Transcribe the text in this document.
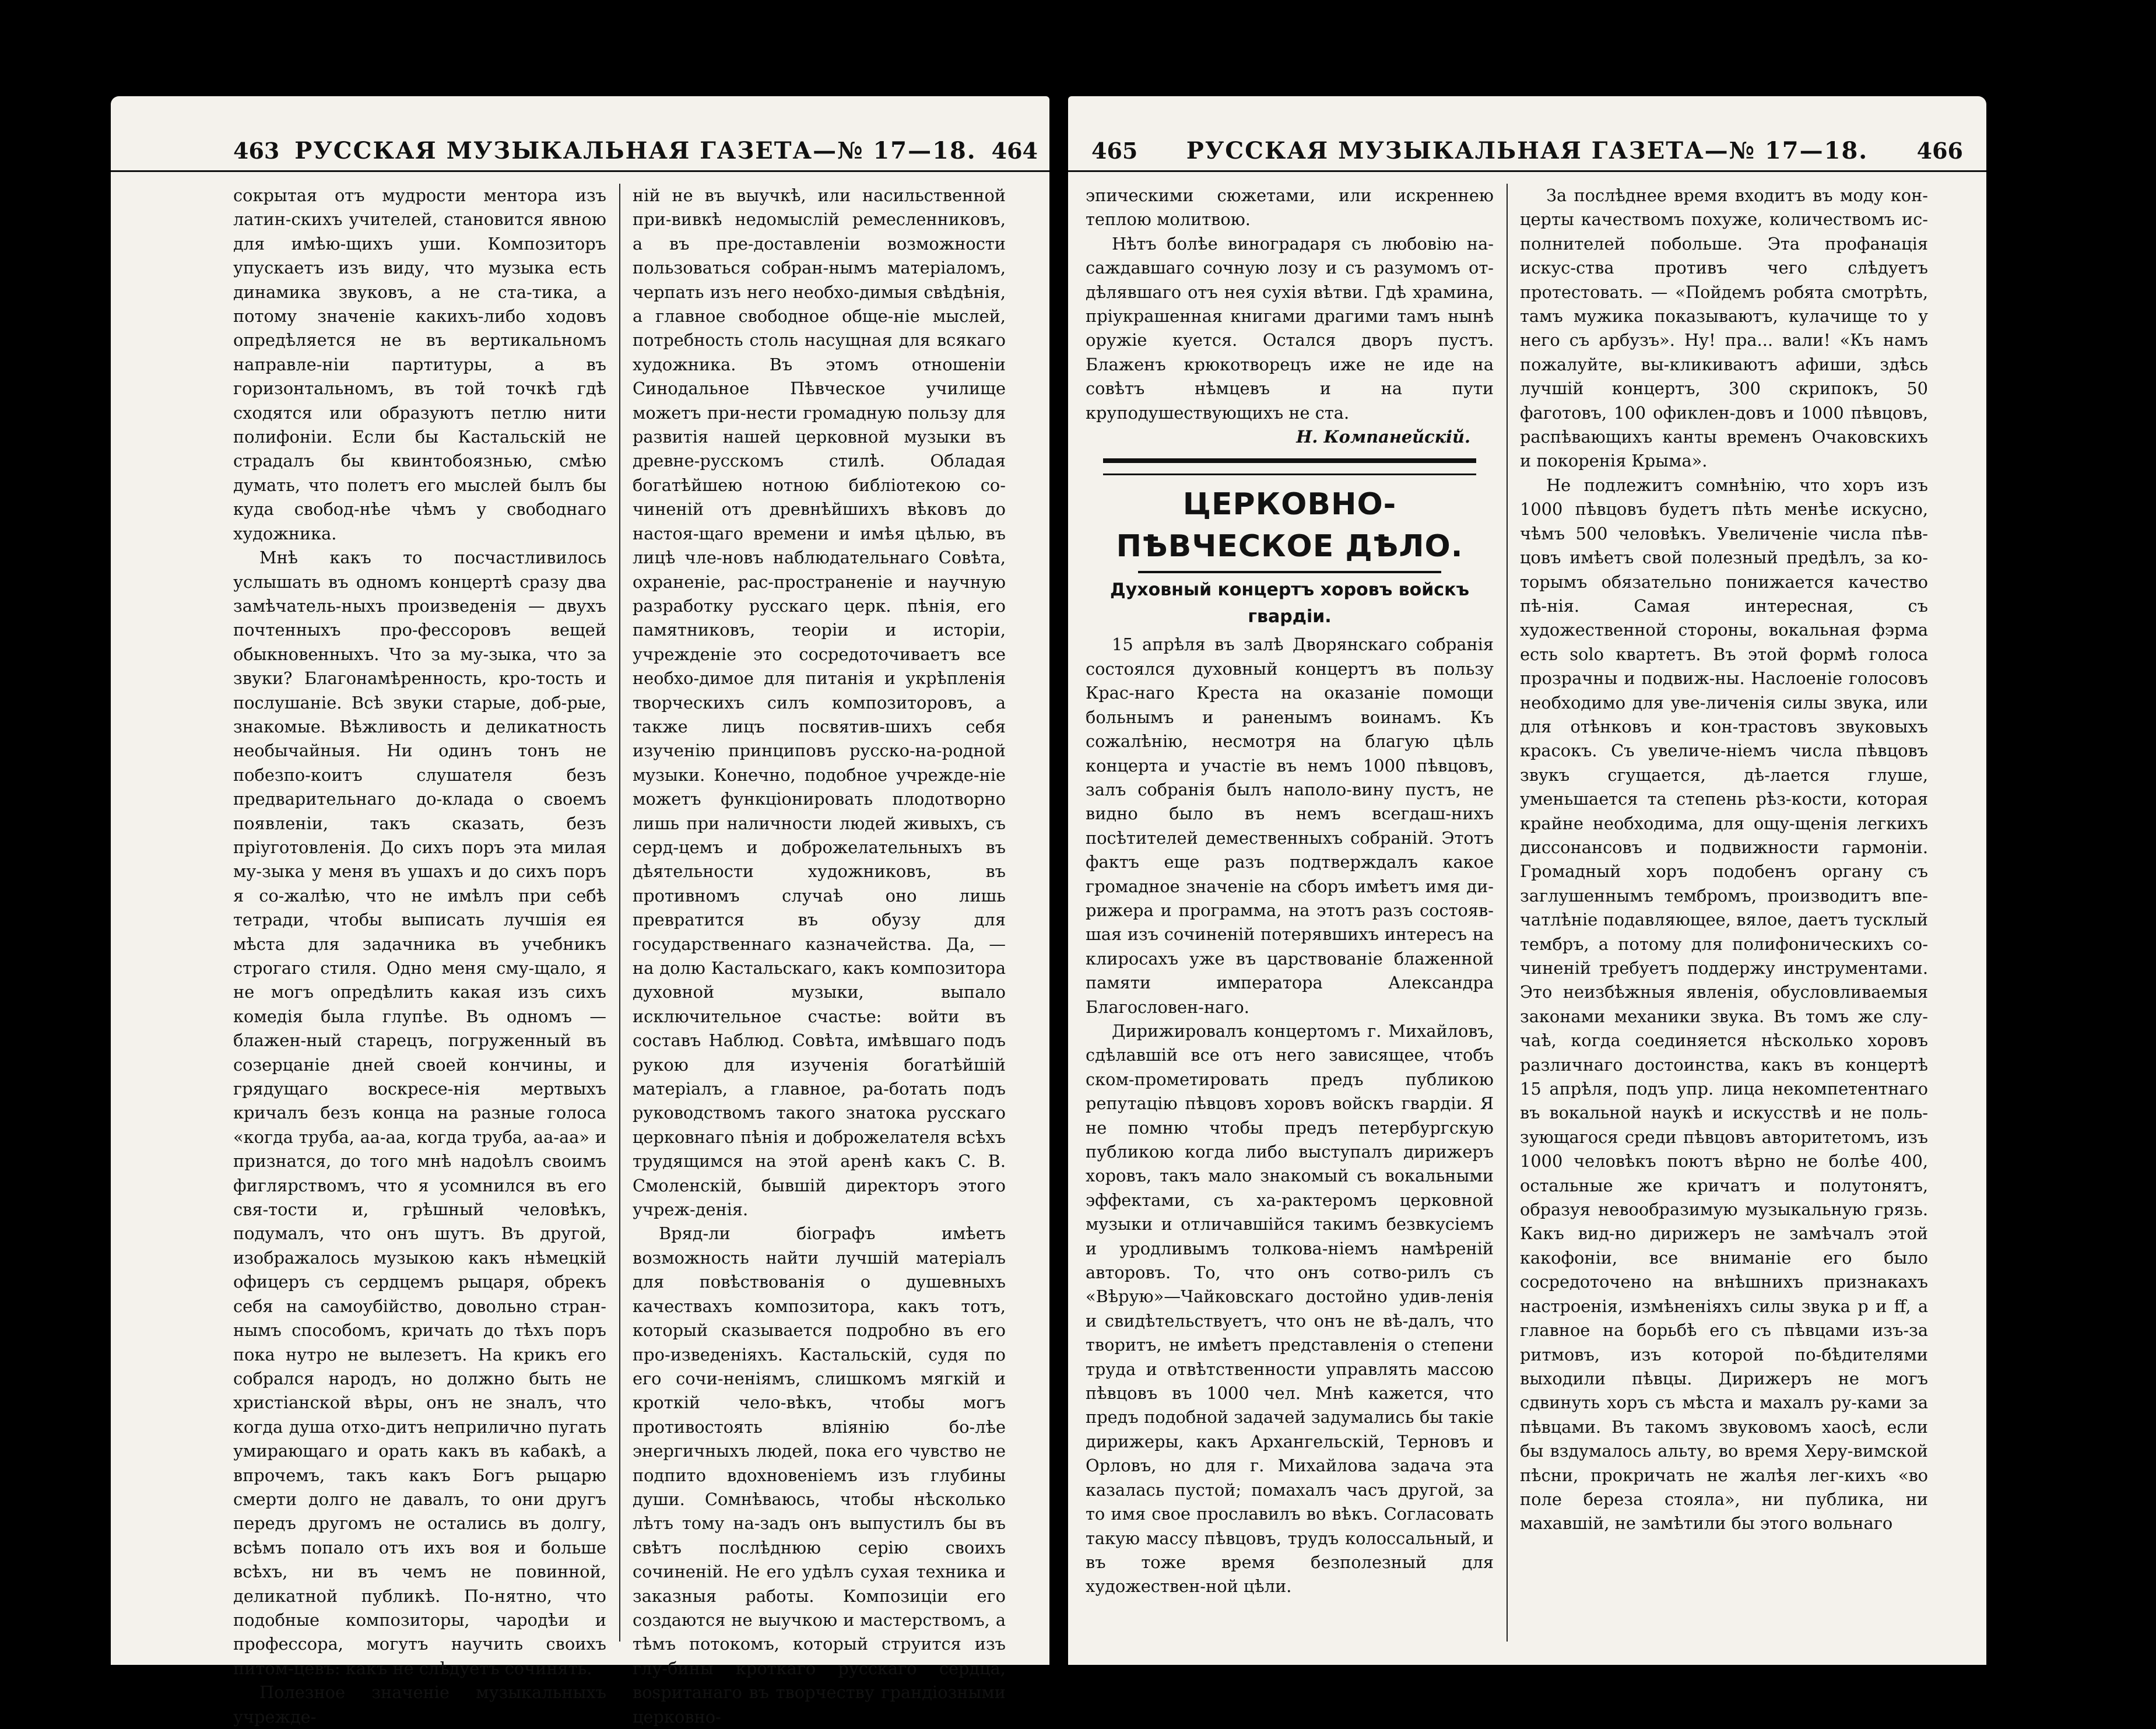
463 РУССКАЯ МУЗЫКАЛЬНАЯ ГАЗЕТА—№ 17—18. 464

сокрытая отъ мудрости ментора изъ латин-скихъ учителей, становится явною для имѣю-щихъ уши. Композиторъ упускаетъ изъ виду, что музыка есть динамика звуковъ, а не ста-тика, а потому значеніе какихъ-либо ходовъ опредѣляется не въ вертикальномъ направле-ніи партитуры, а въ горизонтальномъ, въ той точкѣ гдѣ сходятся или образуютъ петлю нити полифоніи. Если бы Кастальскій не страдалъ бы квинтобоязнью, смѣю думать, что полетъ его мыслей былъ бы куда свобод-нѣе чѣмъ у свободнаго художника.

Мнѣ какъ то посчастливилось услышать въ одномъ концертѣ сразу два замѣчатель-ныхъ произведенія — двухъ почтенныхъ про-фессоровъ вещей обыкновенныхъ. Что за му-зыка, что за звуки? Благонамѣренность, кро-тость и послушаніе. Всѣ звуки старые, доб-рые, знакомые. Вѣжливость и деликатность необычайныя. Ни одинъ тонъ не побезпо-коитъ слушателя безъ предварительнаго до-клада о своемъ появленіи, такъ сказать, безъ пріуготовленія. До сихъ поръ эта милая му-зыка у меня въ ушахъ и до сихъ поръ я со-жалѣю, что не имѣлъ при себѣ тетради, чтобы выписать лучшія ея мѣста для задачника въ учебникъ строгаго стиля. Одно меня сму-щало, я не могъ опредѣлить какая изъ сихъ комедія была глупѣе. Въ одномъ — блажен-ный старецъ, погруженный въ созерцаніе дней своей кончины, и грядущаго воскресе-нія мертвыхъ кричалъ безъ конца на разные голоса «когда труба, аа-аа, когда труба, аа-аа» и признатся, до того мнѣ надоѣлъ своимъ фиглярствомъ, что я усомнился въ его свя-тости и, грѣшный человѣкъ, подумалъ, что онъ шутъ. Въ другой, изображалось музыкою какъ нѣмецкій офицеръ съ сердцемъ рыцаря, обрекъ себя на самоубійство, довольно стран-нымъ способомъ, кричать до тѣхъ поръ пока нутро не вылезетъ. На крикъ его собрался народъ, но должно быть не христіанской вѣры, онъ не зналъ, что когда душа отхо-дитъ неприлично пугать умирающаго и орать какъ въ кабакѣ, а впрочемъ, такъ какъ Богъ рыцарю смерти долго не давалъ, то они другъ передъ другомъ не остались въ долгу, всѣмъ попало отъ ихъ воя и больше всѣхъ, ни въ чемъ не повинной, деликатной публикѣ. По-нятно, что подобные композиторы, чародѣи и профессора, могутъ научить своихъ питом-цевъ: какъ не слѣдуетъ сочинять.

Полезное значеніе музыкальныхъ учрежде-

ній не въ выучкѣ, или насильственной при-вивкѣ недомыслій ремесленниковъ, а въ пре-доставленіи возможности пользоваться собран-нымъ матеріаломъ, черпать изъ него необхо-димыя свѣдѣнія, а главное свободное обще-ніе мыслей, потребность столь насущная для всякаго художника. Въ этомъ отношеніи Синодальное Пѣвческое училище можетъ при-нести громадную пользу для развитія нашей церковной музыки въ древне-русскомъ стилѣ. Обладая богатѣйшею нотною библіотекою со-чиненій отъ древнѣйшихъ вѣковъ до настоя-щаго времени и имѣя цѣлью, въ лицѣ чле-новъ наблюдательнаго Совѣта, охраненіе, рас-пространеніе и научную разработку русскаго церк. пѣнія, его памятниковъ, теоріи и исторіи, учрежденіе это сосредоточиваетъ все необхо-димое для питанія и укрѣпленія творческихъ силъ композиторовъ, а также лицъ посвятив-шихъ себя изученію принциповъ русско-на-родной музыки. Конечно, подобное учрежде-ніе можетъ функціонировать плодотворно лишь при наличности людей живыхъ, съ серд-цемъ и доброжелательныхъ въ дѣятельности художниковъ, въ противномъ случаѣ оно лишь превратится въ обузу для государственнаго казначейства. Да, — на долю Кастальскаго, какъ композитора духовной музыки, выпало исключительное счастье: войти въ составъ Наблюд. Совѣта, имѣвшаго подъ рукою для изученія богатѣйшій матеріалъ, а главное, ра-ботать подъ руководствомъ такого знатока русскаго церковнаго пѣнія и доброжелателя всѣхъ трудящимся на этой аренѣ какъ С. В. Смоленскій, бывшій директоръ этого учреж-денія.

Вряд-ли біографъ имѣетъ возможность найти лучшій матеріалъ для повѣствованія о душевныхъ качествахъ композитора, какъ тотъ, который сказывается подробно въ его про-изведеніяхъ. Кастальскій, судя по его сочи-неніямъ, слишкомъ мягкій и кроткій чело-вѣкъ, чтобы могъ противостоять вліянію бо-лѣе энергичныхъ людей, пока его чувство не подпито вдохновеніемъ изъ глубины души. Сомнѣваюсь, чтобы нѣсколько лѣтъ тому на-задъ онъ выпустилъ бы въ свѣтъ послѣднюю серію своихъ сочиненій. Не его удѣлъ сухая техника и заказныя работы. Композиціи его создаются не выучкою и мастерствомъ, а тѣмъ потокомъ, который струится изъ глу-бины кроткаго русскаго сердца, вospитанаго въ творчеству грандіозными церковно-

465 РУССКАЯ МУЗЫКАЛЬНАЯ ГАЗЕТА—№ 17—18. 466

эпическими сюжетами, или искреннею теплою молитвою.

Нѣтъ болѣе виноградаря съ любовію на-саждавшаго сочную лозу и съ разумомъ от-дѣлявшаго отъ нея сухія вѣтви. Гдѣ храмина, пріукрашенная книгами драгими тамъ нынѣ оружіе куется. Остался дворъ пустъ. Блаженъ крюкотворецъ иже не иде на совѣтъ нѣмцевъ и на пути круподушествующихъ не ста.

Н. Компанейскій.

ЦЕРКОВНО-ПѢВЧЕСКОЕ ДѢЛО.
Духовный концертъ хоровъ войскъ гвардіи.

15 апрѣля въ залѣ Дворянскаго собранія состоялся духовный концертъ въ пользу Крас-наго Креста на оказаніе помощи больнымъ и раненымъ воинамъ. Къ сожалѣнію, несмотря на благую цѣль концерта и участіе въ немъ 1000 пѣвцовъ, залъ собранія былъ наполо-вину пустъ, не видно было въ немъ всегдаш-нихъ посѣтителей демественныхъ собраній. Этотъ фактъ еще разъ подтверждалъ какое громадное значеніе на сборъ имѣетъ имя ди-рижера и программа, на этотъ разъ состояв-шая изъ сочиненій потерявшихъ интересъ на клиросахъ уже въ царствованіе блаженной памяти императора Александра Благословен-наго.

Дирижировалъ концертомъ г. Михайловъ, сдѣлавшій все отъ него зависящее, чтобъ ском-прометировать предъ публикою репутацію пѣвцовъ хоровъ войскъ гвардіи. Я не помню чтобы предъ петербургскую публикою когда либо выступалъ дирижеръ хоровъ, такъ мало знакомый съ вокальными эффектами, съ ха-рактеромъ церковной музыки и отличавшійся такимъ безвкусіемъ и уродливымъ толкова-ніемъ намѣреній авторовъ. То, что онъ сотво-рилъ съ «Вѣрую»—Чайковскаго достойно удив-ленія и свидѣтельствуетъ, что онъ не вѣ-далъ, что творитъ, не имѣетъ представленія о степени труда и отвѣтственности управлять массою пѣвцовъ въ 1000 чел. Мнѣ кажется, что предъ подобной задачей задумались бы такіе дирижеры, какъ Архангельскій, Терновъ и Орловъ, но для г. Михайлова задача эта казалась пустой; помахалъ часъ другой, за то имя свое прославилъ во вѣкъ. Согласовать такую массу пѣвцовъ, трудъ колоссальный, и въ тоже время безполезный для художествен-ной цѣли.

За послѣднее время входитъ въ моду кон-церты качествомъ похуже, количествомъ ис-полнителей побольше. Эта профанація искус-ства противъ чего слѣдуетъ протестовать. — «Пойдемъ робята смотрѣть, тамъ мужика показываютъ, кулачище то у него съ арбузъ». Ну! пра... вали! «Къ намъ пожалуйте, вы-кликиваютъ афиши, здѣсь лучшій концертъ, 300 скрипокъ, 50 фаготовъ, 100 офиклен-довъ и 1000 пѣвцовъ, распѣвающихъ канты временъ Очаковскихъ и покоренія Крыма».

Не подлежитъ сомнѣнію, что хоръ изъ 1000 пѣвцовъ будетъ пѣть менѣе искусно, чѣмъ 500 человѣкъ. Увеличеніе числа пѣв-цовъ имѣетъ свой полезный предѣлъ, за ко-торымъ обязательно понижается качество пѣ-нія. Самая интересная, съ художественной стороны, вокальная фэрма есть solo квартетъ. Въ этой формѣ голоса прозрачны и подвиж-ны. Наслоеніе голосовъ необходимо для уве-личенія силы звука, или для отѣнковъ и кон-трастовъ звуковыхъ красокъ. Съ увеличе-ніемъ числа пѣвцовъ звукъ сгущается, дѣ-лается глуше, уменьшается та степень рѣз-кости, которая крайне необходима, для ощу-щенія легкихъ диссонансовъ и подвижности гармоніи. Громадный хоръ подобенъ органу съ заглушеннымъ тембромъ, производитъ впе-чатлѣніе подавляющее, вялое, даетъ тусклый тембръ, а потому для полифоническихъ со-чиненій требуетъ поддержу инструментами. Это неизбѣжныя явленія, обусловливаемыя законами механики звука. Въ томъ же слу-чаѣ, когда соединяется нѣсколько хоровъ различнаго достоинства, какъ въ концертѣ 15 апрѣля, подъ упр. лица некомпетентнаго въ вокальной наукѣ и искусствѣ и не поль-зующагося среди пѣвцовъ авторитетомъ, изъ 1000 человѣкъ поютъ вѣрно не болѣе 400, остальные же кричатъ и полутонятъ, образуя невообразимую музыкальную грязь. Какъ вид-но дирижеръ не замѣчалъ этой какофоніи, все вниманіе его было сосредоточено на внѣшнихъ признакахъ настроенія, измѣненіяхъ силы звука p и ff, а главное на борьбѣ его съ пѣвцами изъ-за ритмовъ, изъ которой по-бѣдителями выходили пѣвцы. Дирижеръ не могъ сдвинуть хоръ съ мѣста и махалъ ру-ками за пѣвцами. Въ такомъ звуковомъ хаосѣ, если бы вздумалось альту, во время Херу-вимской пѣсни, прокричать не жалѣя лег-кихъ «во поле береза стояла», ни публика, ни махавшій, не замѣтили бы этого вольнаго
